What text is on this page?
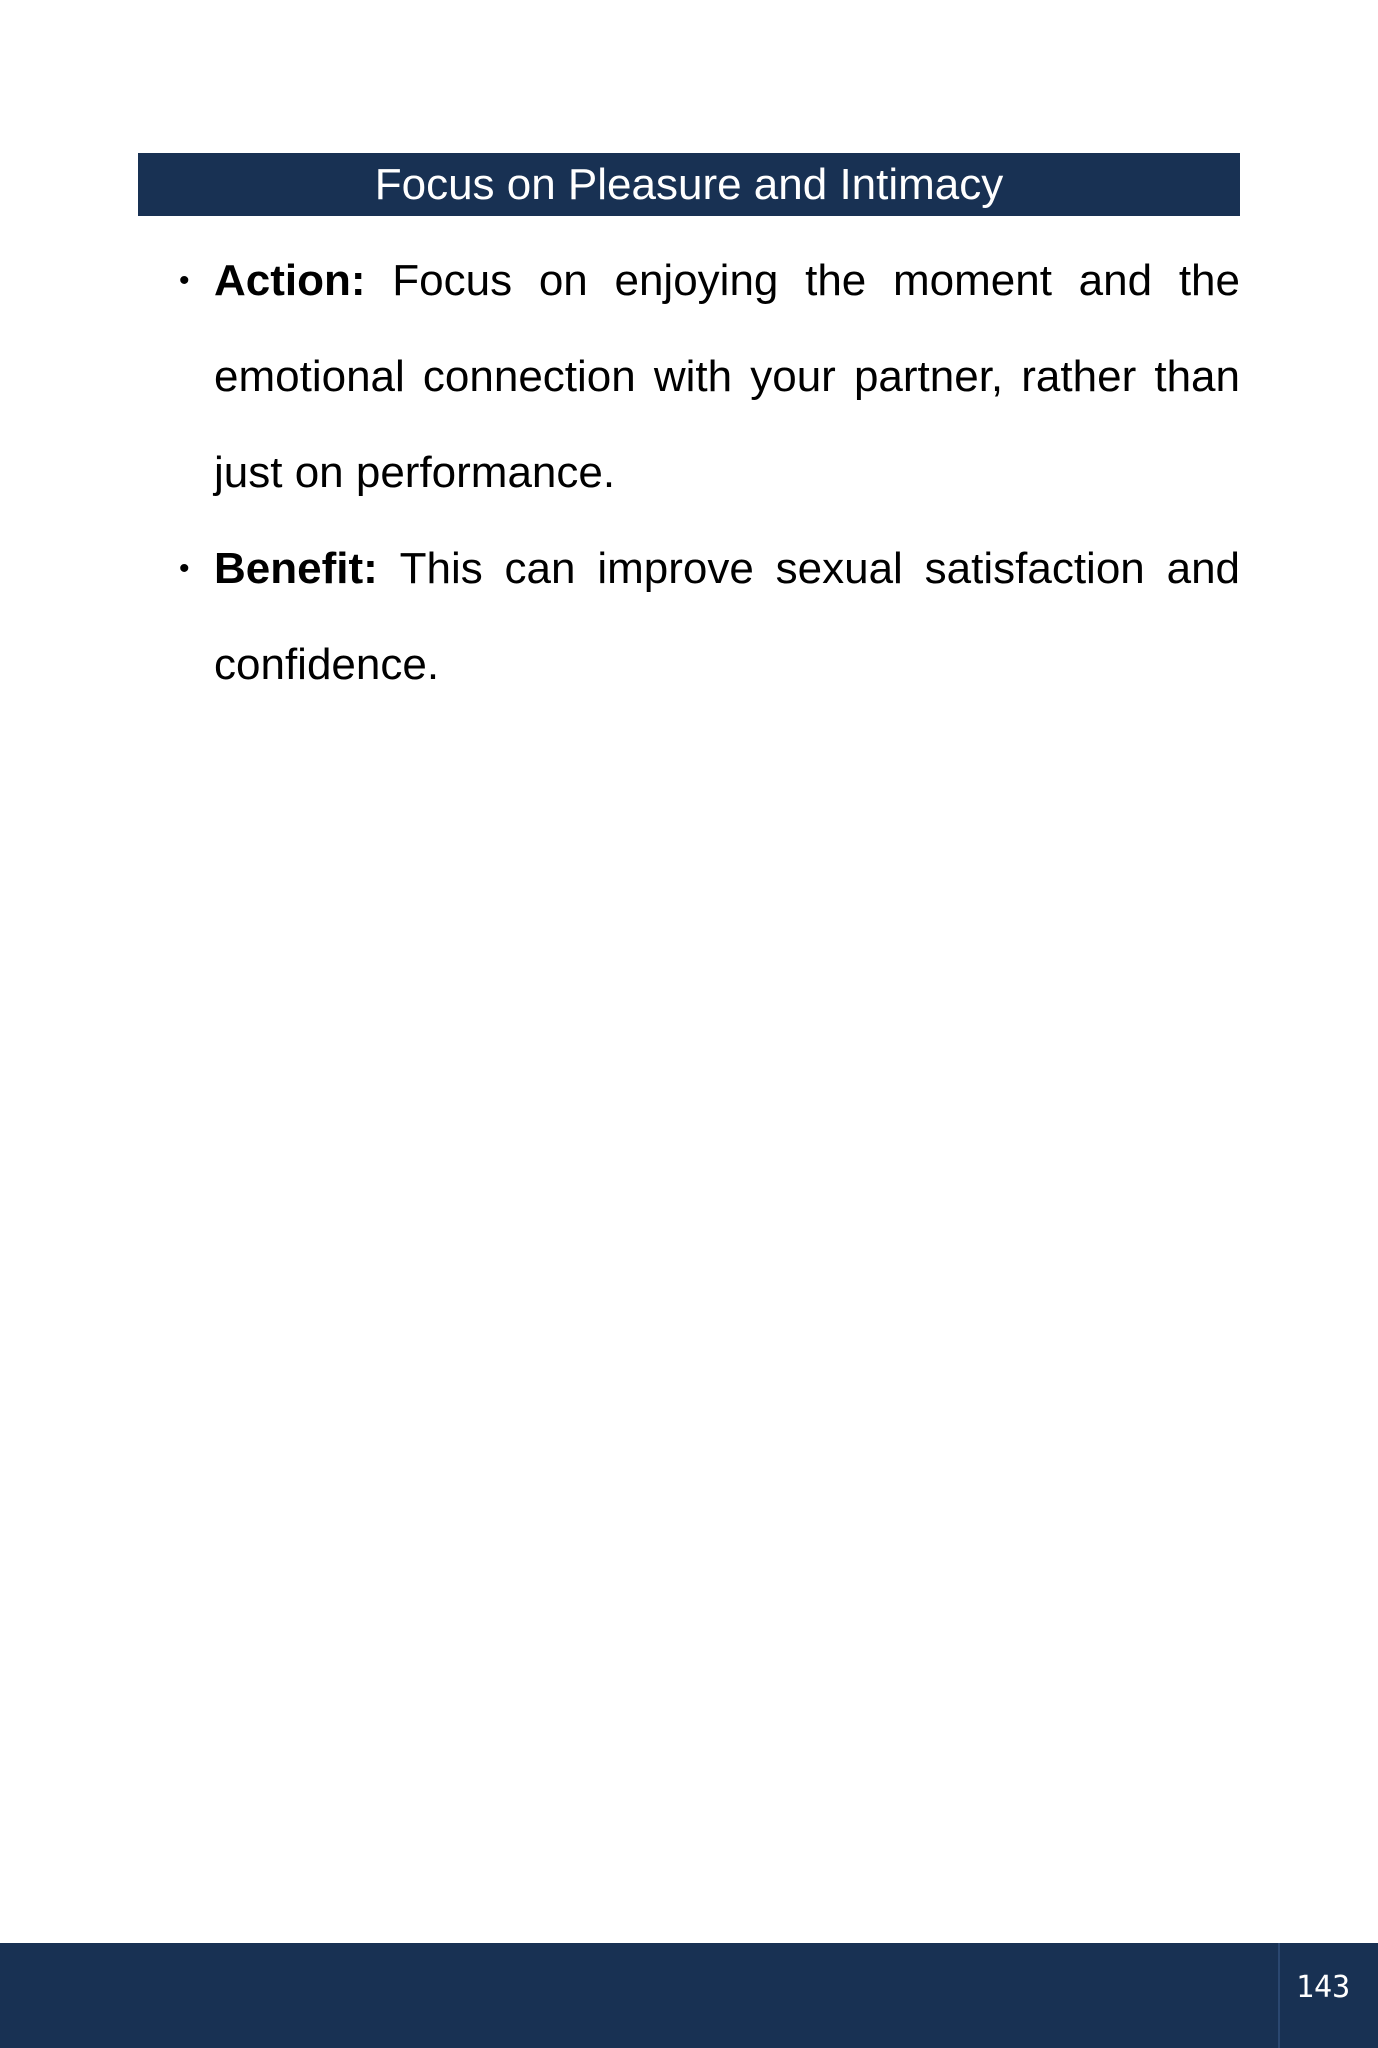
Focus on Pleasure and Intimacy
• Action: Focus on enjoying the moment and the emotional connection with your partner, rather than just on performance.
• Benefit: This can improve sexual satisfaction and confidence.
143
